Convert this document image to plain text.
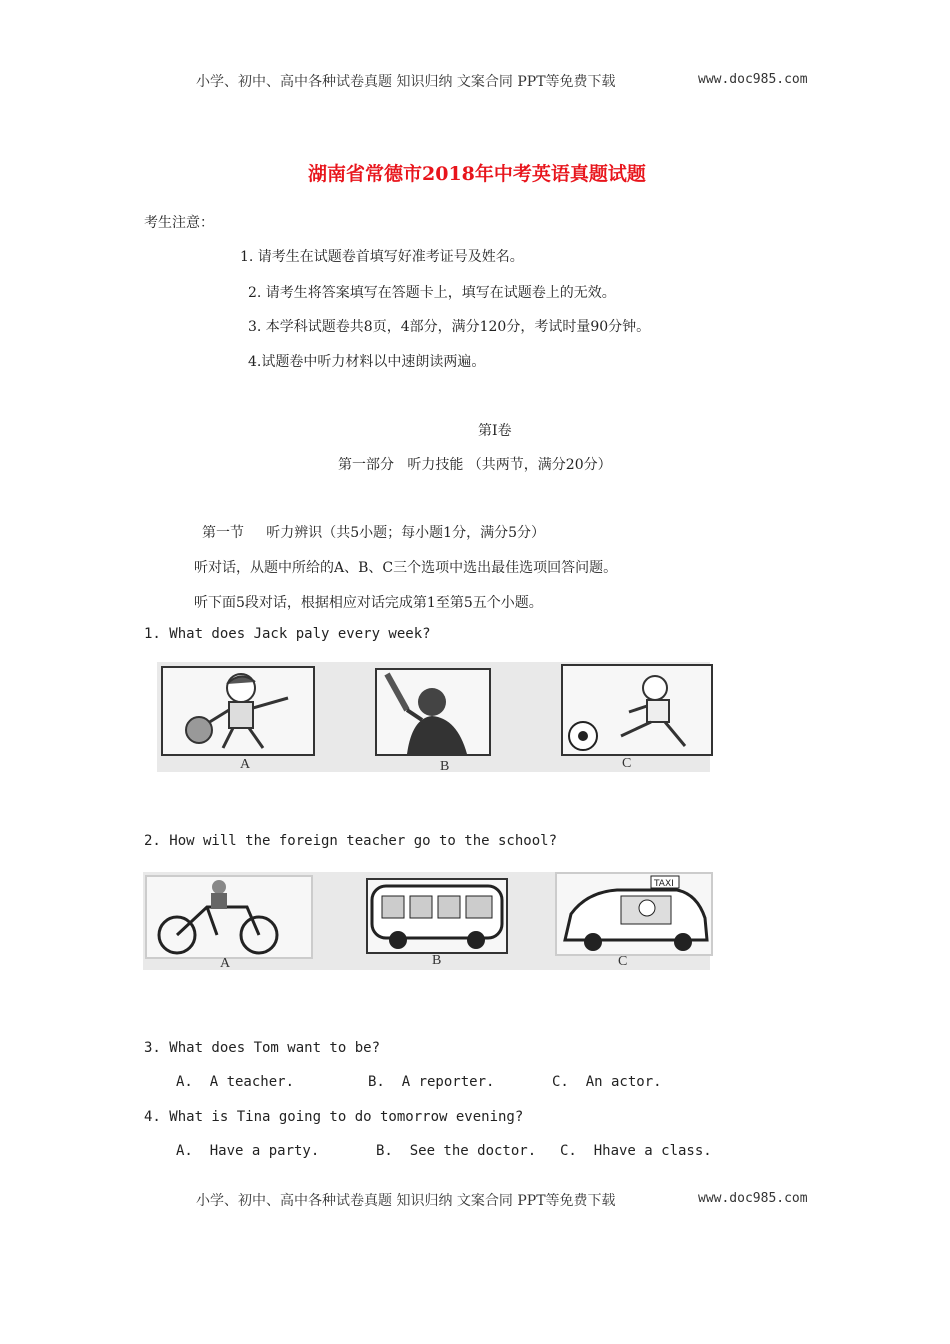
小学、初中、高中各种试卷真题 知识归纳 文案合同 PPT等免费下载	www.doc985.com
湖南省常德市2018年中考英语真题试题
考生注意：
1. 请考生在试题卷首填写好准考证号及姓名。
2. 请考生将答案填写在答题卡上，填写在试题卷上的无效。
3. 本学科试题卷共8页，4部分，满分120分，考试时量90分钟。
4.试题卷中听力材料以中速朗读两遍。
第Ⅰ卷
第一部分   听力技能 （共两节，满分20分）
第一节     听力辨识（共5小题；每小题1分，满分5分）
听对话，从题中所给的A、B、C三个选项中选出最佳选项回答问题。
听下面5段对话，根据相应对话完成第1至第5五个小题。
1. What does Jack paly every week?
A	B	C
2. How will the foreign teacher go to the school?
A	B
TAXI
C
3. What does Tom want to be?
A.  A teacher.	B.  A reporter.	C.  An actor.
4. What is Tina going to do tomorrow evening?
A.  Have a party.	B.  See the doctor. C.  Hhave a class.
小学、初中、高中各种试卷真题 知识归纳 文案合同 PPT等免费下载	www.doc985.com
